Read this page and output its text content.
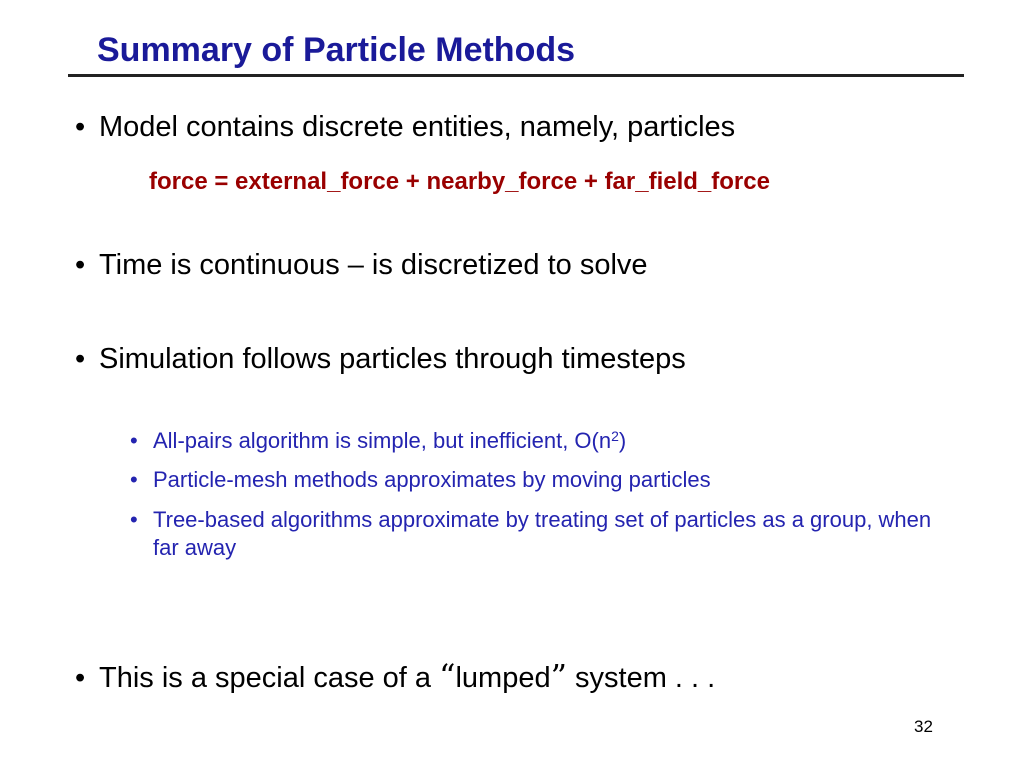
Summary of Particle Methods
• Model contains discrete entities, namely, particles
force = external_force + nearby_force + far_field_force
• Time is continuous – is discretized to solve
• Simulation follows particles through timesteps
• All-pairs algorithm is simple, but inefficient, $O(n^2)$
• Particle-mesh methods approximates by moving particles
• Tree-based algorithms approximate by treating set of particles as a group, when far away
• This is a special case of a “lumped” system . . .
32
